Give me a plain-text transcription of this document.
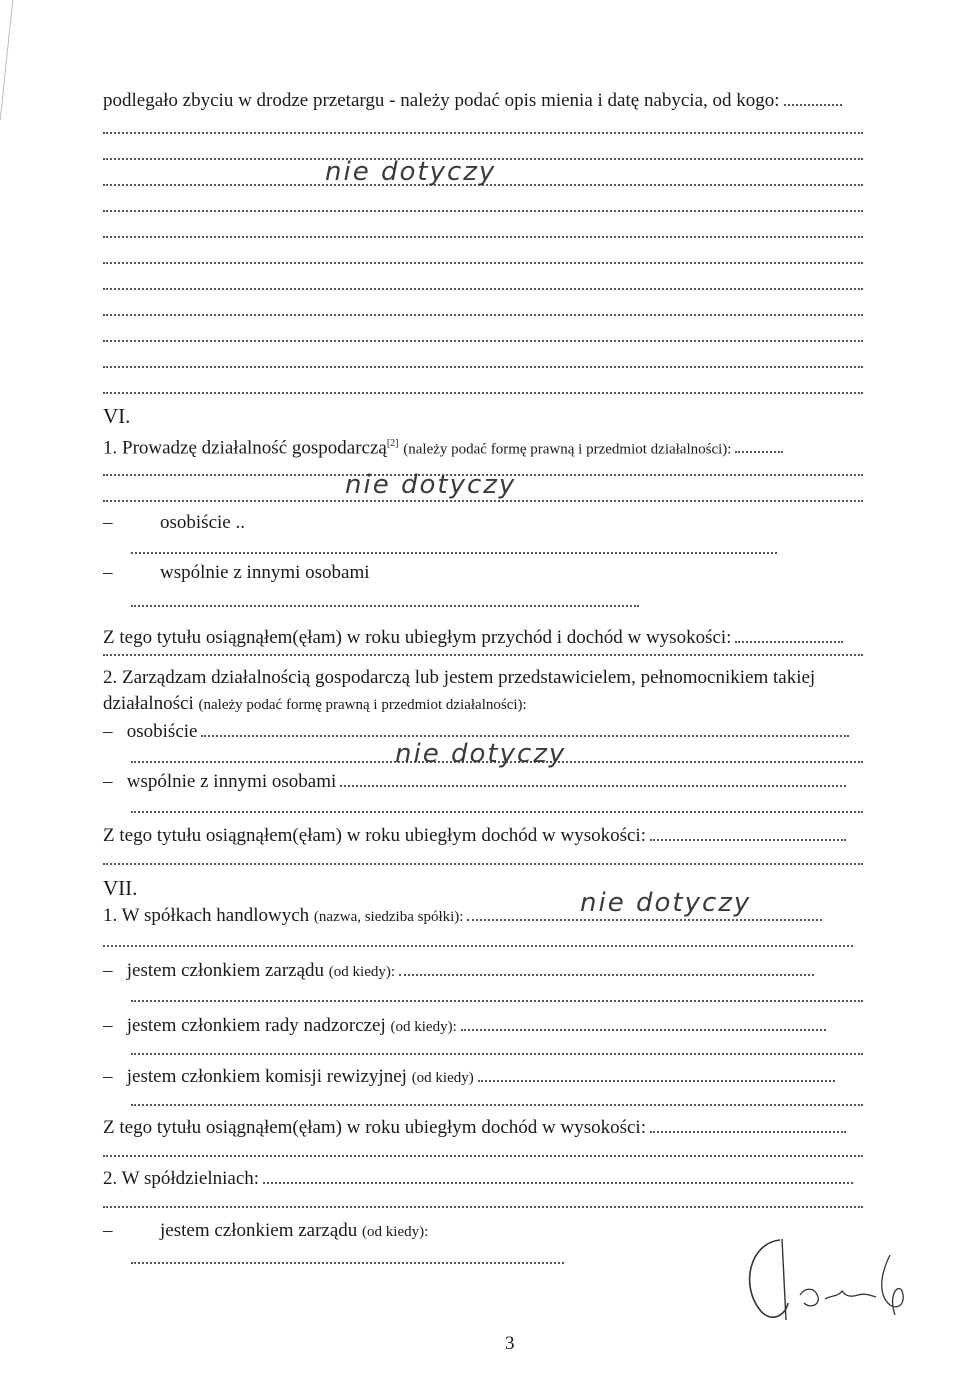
podlegało zbyciu w drodze przetargu - należy podać opis mienia i datę nabycia, od kogo:
nie dotyczy
VI.
1. Prowadzę działalność gospodarczą[2] (należy podać formę prawną i przedmiot działalności):
nie dotyczy
–	osobiście ..
–	wspólnie z innymi osobami
Z tego tytułu osiągnąłem(ęłam) w roku ubiegłym przychód i dochód w wysokości:
2. Zarządzam działalnością gospodarczą lub jestem przedstawicielem, pełnomocnikiem takiej
działalności (należy podać formę prawną i przedmiot działalności):
–   osobiście
nie dotyczy
–   wspólnie z innymi osobami
Z tego tytułu osiągnąłem(ęłam) w roku ubiegłym dochód w wysokości:
VII.
1. W spółkach handlowych (nazwa, siedziba spółki):	nie dotyczy
–   jestem członkiem zarządu (od kiedy):
–   jestem członkiem rady nadzorczej (od kiedy):
–   jestem członkiem komisji rewizyjnej (od kiedy)
Z tego tytułu osiągnąłem(ęłam) w roku ubiegłym dochód w wysokości:
2. W spółdzielniach:
–	jestem członkiem zarządu (od kiedy):
3
